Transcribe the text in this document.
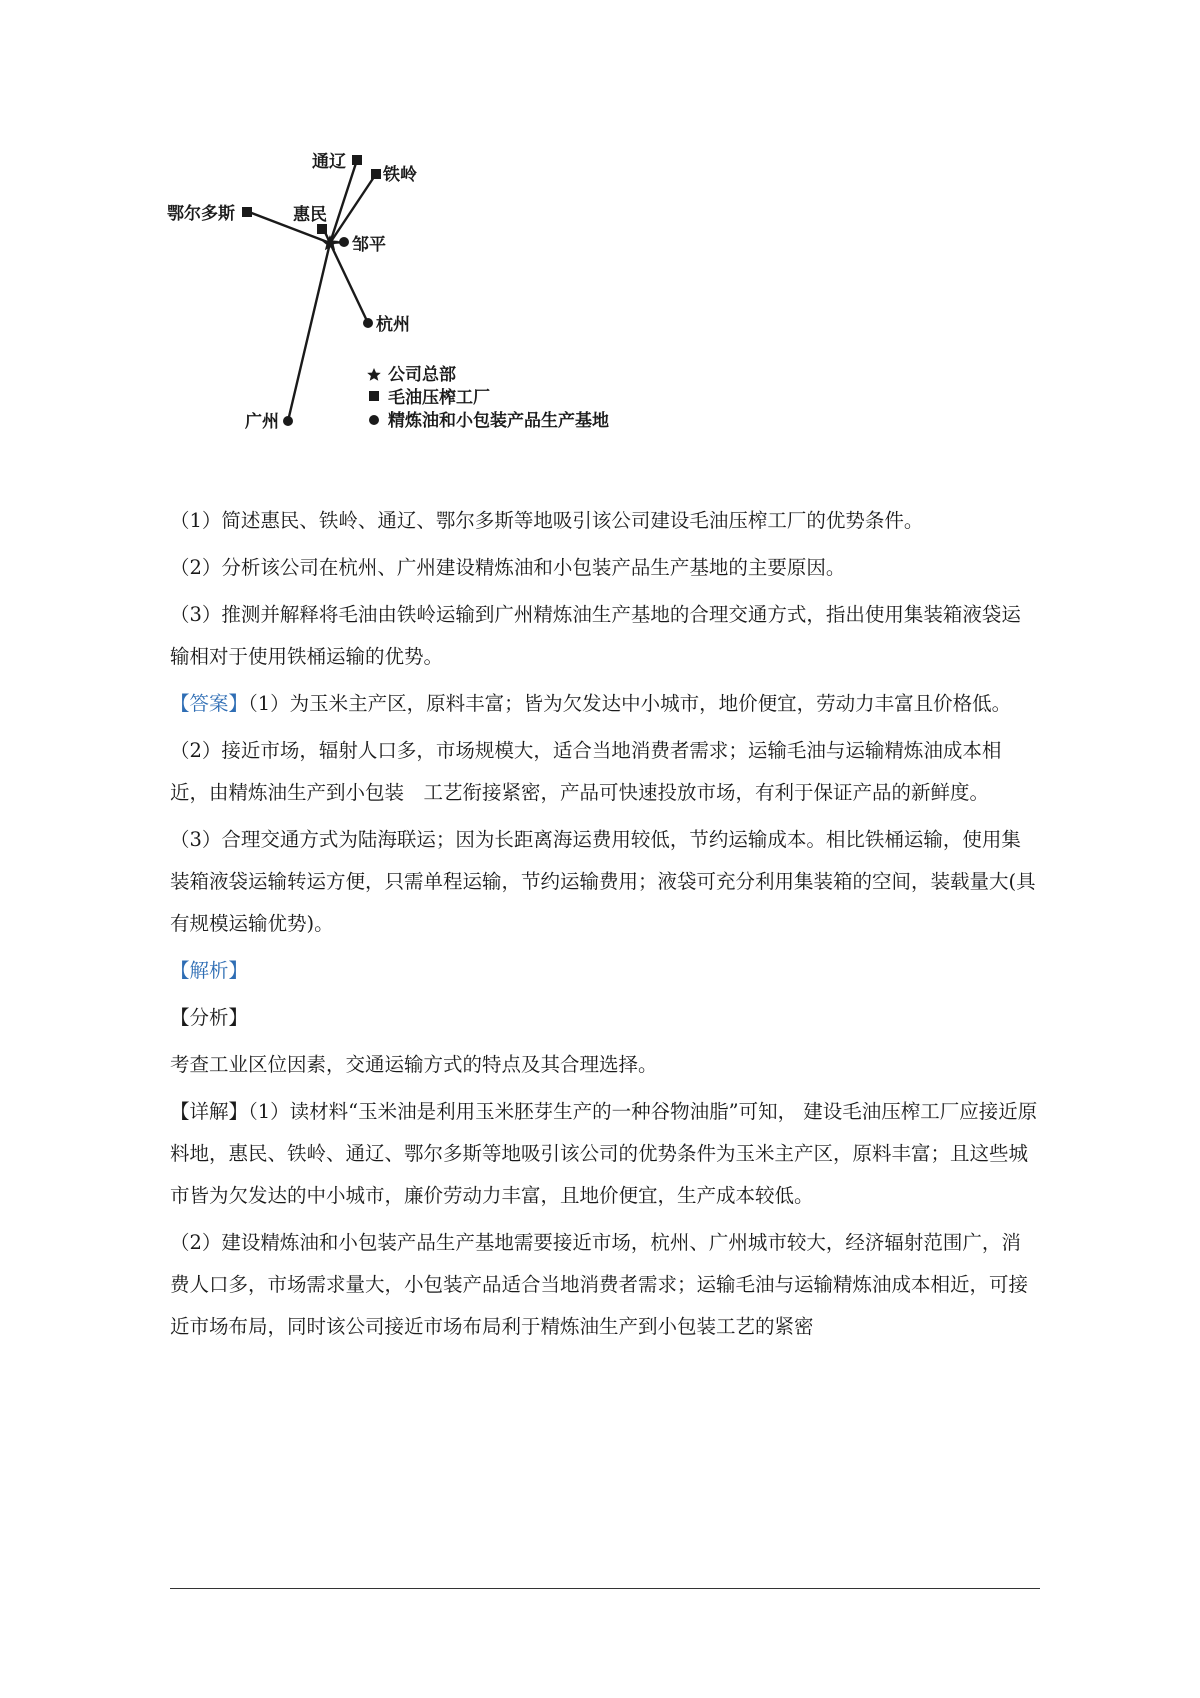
通辽
铁岭
鄂尔多斯	惠民
邹平
杭州
广州
公司总部
毛油压榨工厂
精炼油和小包装产品生产基地

（1）简述惠民、铁岭、通辽、鄂尔多斯等地吸引该公司建设毛油压榨工厂的优势条件。

（2）分析该公司在杭州、广州建设精炼油和小包装产品生产基地的主要原因。

（3）推测并解释将毛油由铁岭运输到广州精炼油生产基地的合理交通方式，指出使用集装箱液袋运输相对于使用铁桶运输的优势。

【答案】（1）为玉米主产区，原料丰富；皆为欠发达中小城市，地价便宜，劳动力丰富且价格低。

（2）接近市场，辐射人口多，市场规模大，适合当地消费者需求；运输毛油与运输精炼油成本相近，由精炼油生产到小包装　工艺衔接紧密，产品可快速投放市场，有利于保证产品的新鲜度。

（3）合理交通方式为陆海联运；因为长距离海运费用较低，节约运输成本。相比铁桶运输，使用集装箱液袋运输转运方便，只需单程运输，节约运输费用；液袋可充分利用集装箱的空间，装载量大(具有规模运输优势)。

【解析】

【分析】

考查工业区位因素，交通运输方式的特点及其合理选择。

【详解】（1）读材料“玉米油是利用玉米胚芽生产的一种谷物油脂”可知， 建设毛油压榨工厂应接近原料地，惠民、铁岭、通辽、鄂尔多斯等地吸引该公司的优势条件为玉米主产区，原料丰富；且这些城市皆为欠发达的中小城市，廉价劳动力丰富，且地价便宜，生产成本较低。

（2）建设精炼油和小包装产品生产基地需要接近市场，杭州、广州城市较大，经济辐射范围广，消费人口多，市场需求量大，小包装产品适合当地消费者需求；运输毛油与运输精炼油成本相近，可接近市场布局，同时该公司接近市场布局利于精炼油生产到小包装工艺的紧密
